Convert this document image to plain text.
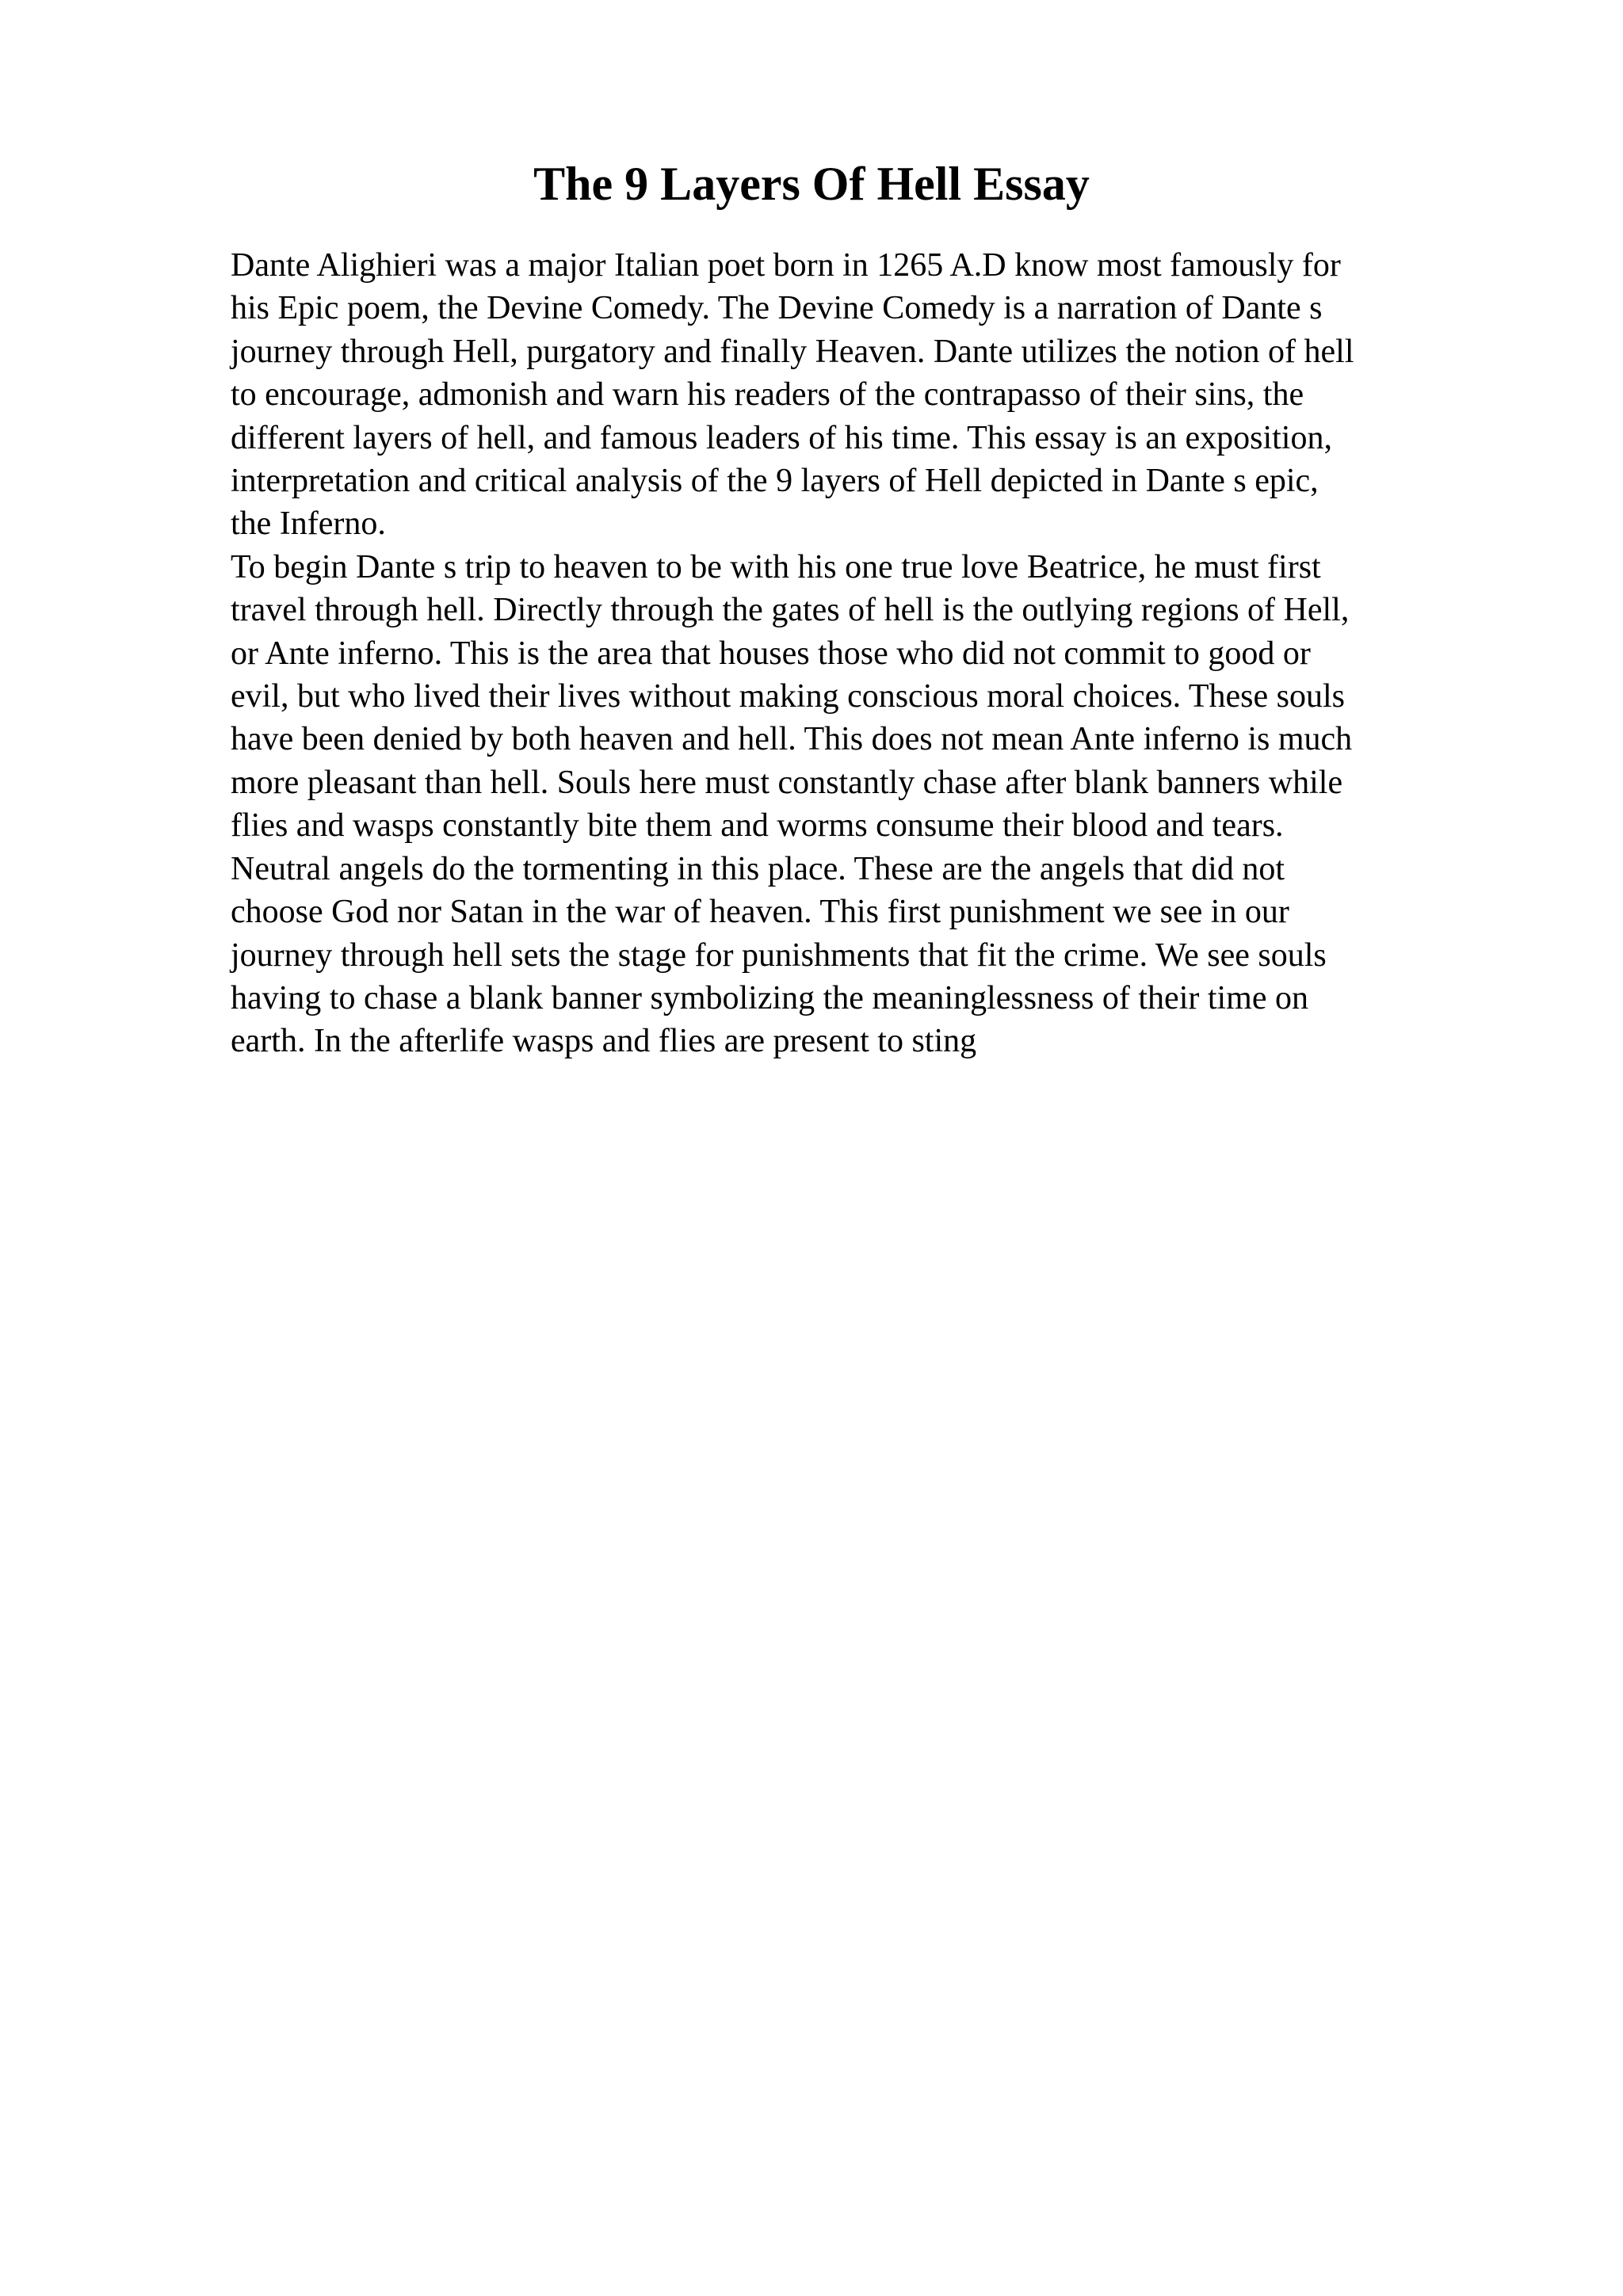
The 9 Layers Of Hell Essay
Dante Alighieri was a major Italian poet born in 1265 A.D know most famously for
his Epic poem, the Devine Comedy. The Devine Comedy is a narration of Dante s
journey through Hell, purgatory and finally Heaven. Dante utilizes the notion of hell
to encourage, admonish and warn his readers of the contrapasso of their sins, the
different layers of hell, and famous leaders of his time. This essay is an exposition,
interpretation and critical analysis of the 9 layers of Hell depicted in Dante s epic,
the Inferno.
To begin Dante s trip to heaven to be with his one true love Beatrice, he must first
travel through hell. Directly through the gates of hell is the outlying regions of Hell,
or Ante inferno. This is the area that houses those who did not commit to good or
evil, but who lived their lives without making conscious moral choices. These souls
have been denied by both heaven and hell. This does not mean Ante inferno is much
more pleasant than hell. Souls here must constantly chase after blank banners while
flies and wasps constantly bite them and worms consume their blood and tears.
Neutral angels do the tormenting in this place. These are the angels that did not
choose God nor Satan in the war of heaven. This first punishment we see in our
journey through hell sets the stage for punishments that fit the crime. We see souls
having to chase a blank banner symbolizing the meaninglessness of their time on
earth. In the afterlife wasps and flies are present to sting
